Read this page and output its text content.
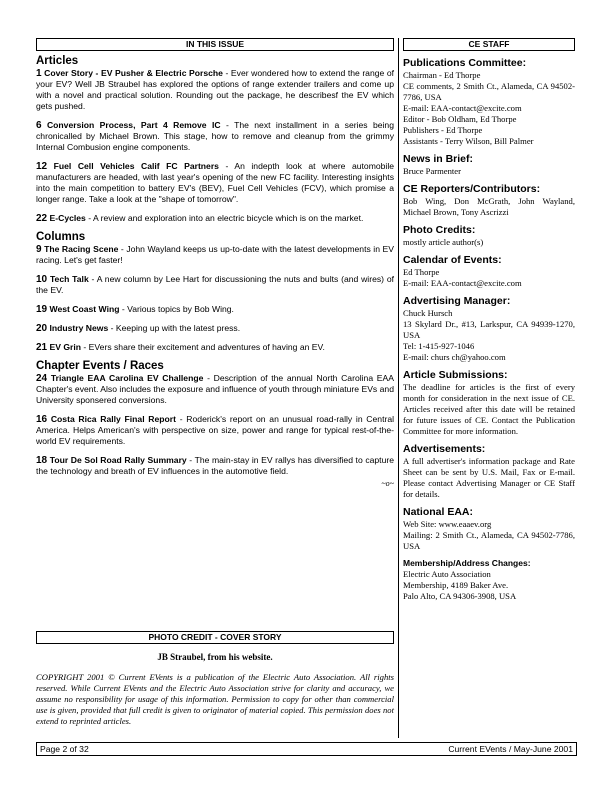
IN THIS ISSUE
Articles
1 Cover Story - EV Pusher & Electric Porsche - Ever wondered how to extend the range of your EV? Well JB Straubel has explored the options of range extender trailers and come up with a novel and practical solution. Rounding out the package, he describesf the EV which gets pushed.
6 Conversion Process, Part 4 Remove IC - The next installment in a series being chronicalled by Michael Brown. This stage, how to remove and cleanup from the grimmy Internal Combusion engine components.
12 Fuel Cell Vehicles Calif FC Partners - An indepth look at where automobile manufacturers are headed, with last year's opening of the new FC facility. Interesting insights into the main competition to battery EV's (BEV), Fuel Cell Vehicles (FCV), which promise a longer range. Take a look at the "shape of tomorrow".
22 E-Cycles - A review and exploration into an electric bicycle which is on the market.
Columns
9 The Racing Scene - John Wayland keeps us up-to-date with the latest developments in EV racing. Let's get faster!
10 Tech Talk - A new column by Lee Hart for discussioning the nuts and bults (and wires) of the EV.
19 West Coast Wing - Various topics by Bob Wing.
20 Industry News - Keeping up with the latest press.
21 EV Grin - EVers share their excitement and adventures of having an EV.
Chapter Events / Races
24 Triangle EAA Carolina EV Challenge - Description of the annual North Carolina EAA Chapter's event. Also includes the exposure and influence of youth through miniature EVs and University sponsered conversions.
16 Costa Rica Rally Final Report - Roderick's report on an unusual road-rally in Central America. Helps American's with perspective on size, power and range for typical rest-of-the-world EV requirements.
18 Tour De Sol Road Rally Summary - The main-stay in EV rallys has diversified to capture the technology and breath of EV influences in the automotive field.
~o~
PHOTO CREDIT - COVER STORY
JB Straubel, from his website.
COPYRIGHT 2001 © Current EVents is a publication of the Electric Auto Association. All rights reserved. While Current EVents and the Electric Auto Association strive for clarity and accuracy, we assume no responsibility for usage of this information. Permission to copy for other than commercial use is given, provided that full credit is given to originator of material copied. This permission does not extend to reprinted articles.
CE STAFF
Publications Committee:
Chairman - Ed Thorpe
CE comments, 2 Smith Ct., Alameda, CA 94502-7786, USA
E-mail: EAA-contact@excite.com
Editor - Bob Oldham, Ed Thorpe
Publishers - Ed Thorpe
Assistants - Terry Wilson, Bill Palmer
News in Brief:
Bruce Parmenter
CE Reporters/Contributors:
Bob Wing, Don McGrath, John Wayland, Michael Brown, Tony Ascrizzi
Photo Credits:
mostly article author(s)
Calendar of Events:
Ed Thorpe
E-mail: EAA-contact@excite.com
Advertising Manager:
Chuck Hursch
13 Skylard Dr., #13, Larkspur, CA 94939-1270, USA
Tel: 1-415-927-1046
E-mail: churs ch@yahoo.com
Article Submissions:
The deadline for articles is the first of every month for consideration in the next issue of CE. Articles received after this date will be retained for future issues of CE. Contact the Publication Committee for more information.
Advertisements:
A full advertiser's information package and Rate Sheet can be sent by U.S. Mail, Fax or E-mail. Please contact Advertising Manager or CE Staff for details.
National EAA:
Web Site: www.eaaev.org
Mailing: 2 Smith Ct., Alameda, CA 94502-7786, USA
Membership/Address Changes:
Electric Auto Association
Membership, 4189 Baker Ave.
Palo Alto, CA 94306-3908, USA
Page 2 of 32	Current EVents / May-June 2001
